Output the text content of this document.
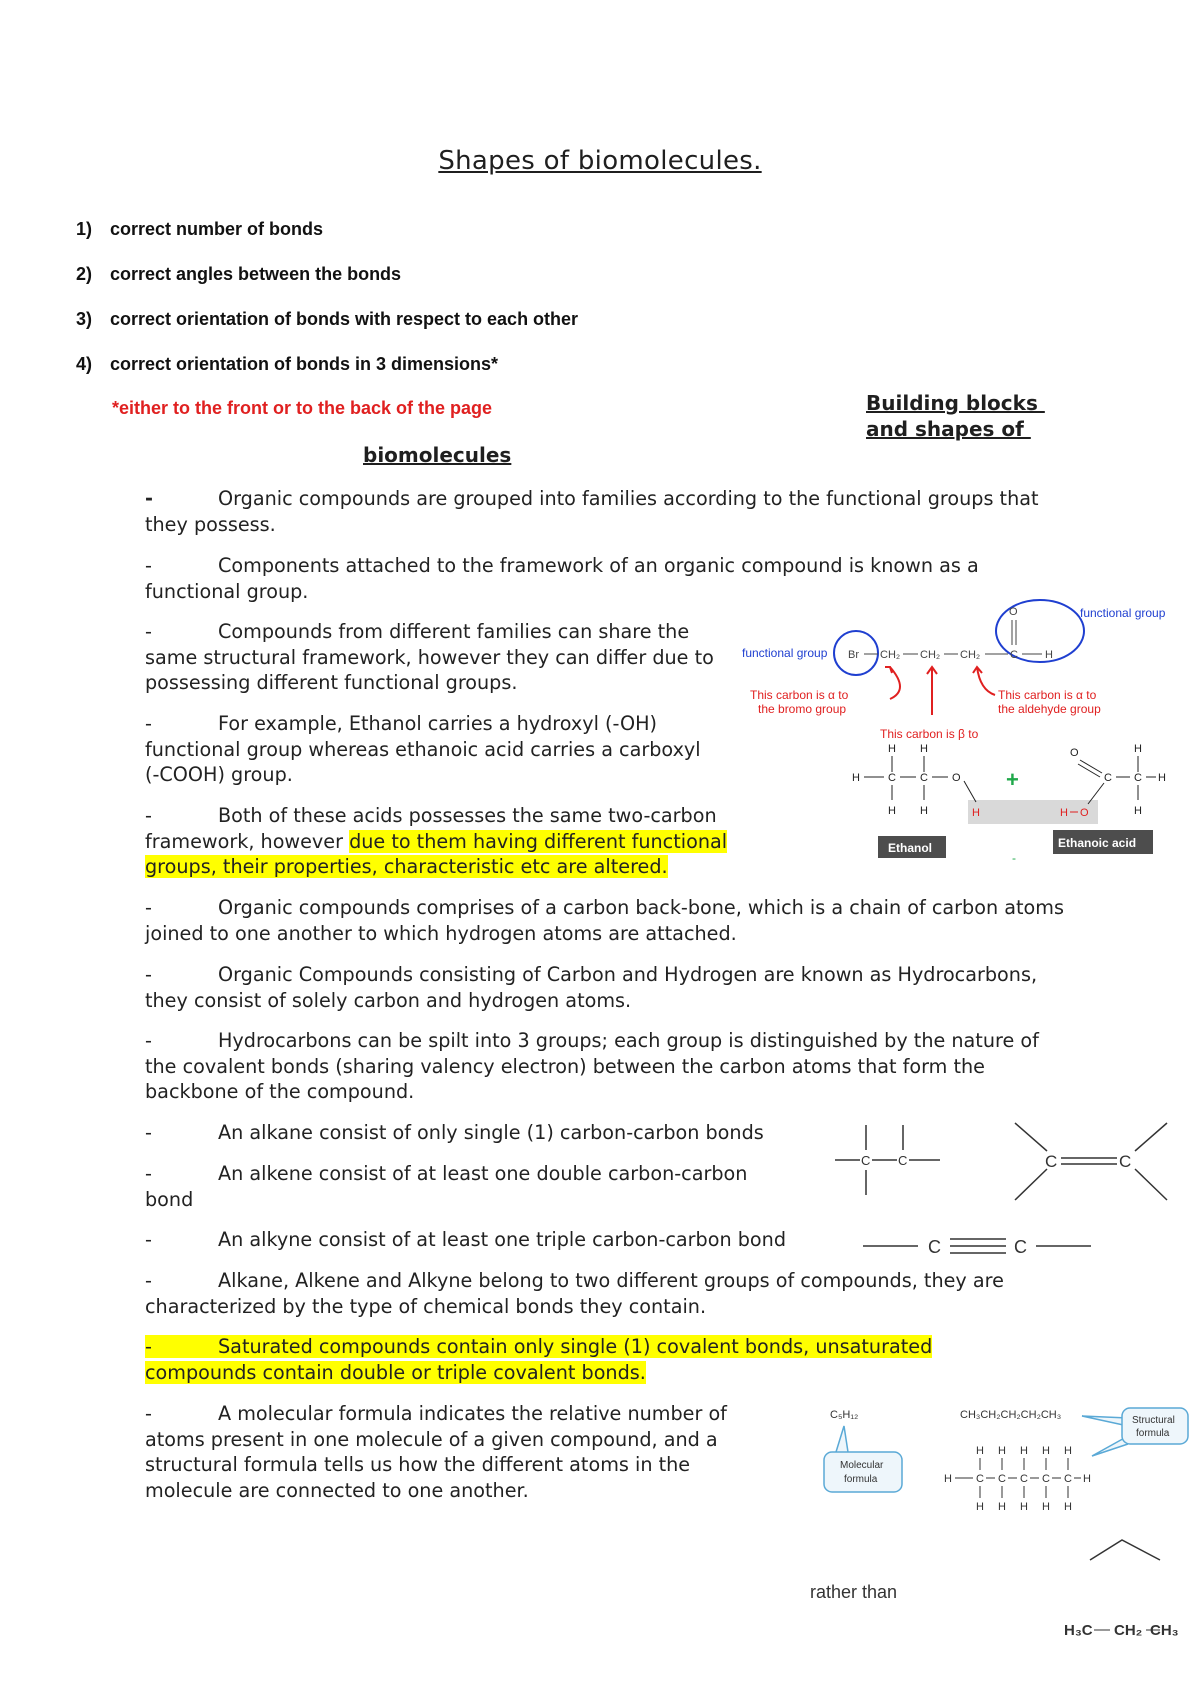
Shapes of biomolecules.
1) correct number of bonds
2) correct angles between the bonds
3) correct orientation of bonds with respect to each other
4) correct orientation of bonds in 3 dimensions*
*either to the front or to the back of the page	Building blocks
and shapes of
biomolecules
-	Organic compounds are grouped into families according to the functional groups that they possess.
-	Components attached to the framework of an organic compound is known as a functional group.
-	Compounds from different families can share the same structural framework, however they can differ due to possessing different functional groups.
-	For example, Ethanol carries a hydroxyl (-OH) functional group whereas ethanoic acid carries a carboxyl (-COOH) group.
-	Both of these acids possesses the same two-carbon framework, however due to them having different functional groups, their properties, characteristic etc are altered.
-	Organic compounds comprises of a carbon back-bone, which is a chain of carbon atoms joined to one another to which hydrogen atoms are attached.
-	Organic Compounds consisting of Carbon and Hydrogen are known as Hydrocarbons, they consist of solely carbon and hydrogen atoms.
-	Hydrocarbons can be spilt into 3 groups; each group is distinguished by the nature of the covalent bonds (sharing valency electron) between the carbon atoms that form the backbone of the compound.
-	An alkane consist of only single (1) carbon-carbon bonds
-	An alkene consist of at least one double carbon-carbon bond
-	An alkyne consist of at least one triple carbon-carbon bond
-	Alkane, Alkene and Alkyne belong to two different groups of compounds, they are characterized by the type of chemical bonds they contain.
-	Saturated compounds contain only single (1) covalent bonds, unsaturated compounds contain double or triple covalent bonds.
-	A molecular formula indicates the relative number of atoms present in one molecule of a given compound, and a structural formula tells us how the different atoms in the molecule are connected to one another.
functional group
functional group
Br CH₂ CH₂ CH₂	C H
O
This carbon is α to
the bromo group
This carbon is α to
the aldehyde group
This carbon is β to
H H
H	C C O
H H	H
+
H O
O
C C H
H
H
Ethanol	Ethanoic acid
-
C C	C	C
C	C
C₅H₁₂	CH₃CH₂CH₂CH₂CH₃
Molecular
formula
Structural
formula
H H H H H
H C C C C C H
H H H H H
rather than
H₃C CH₂ CH₃
